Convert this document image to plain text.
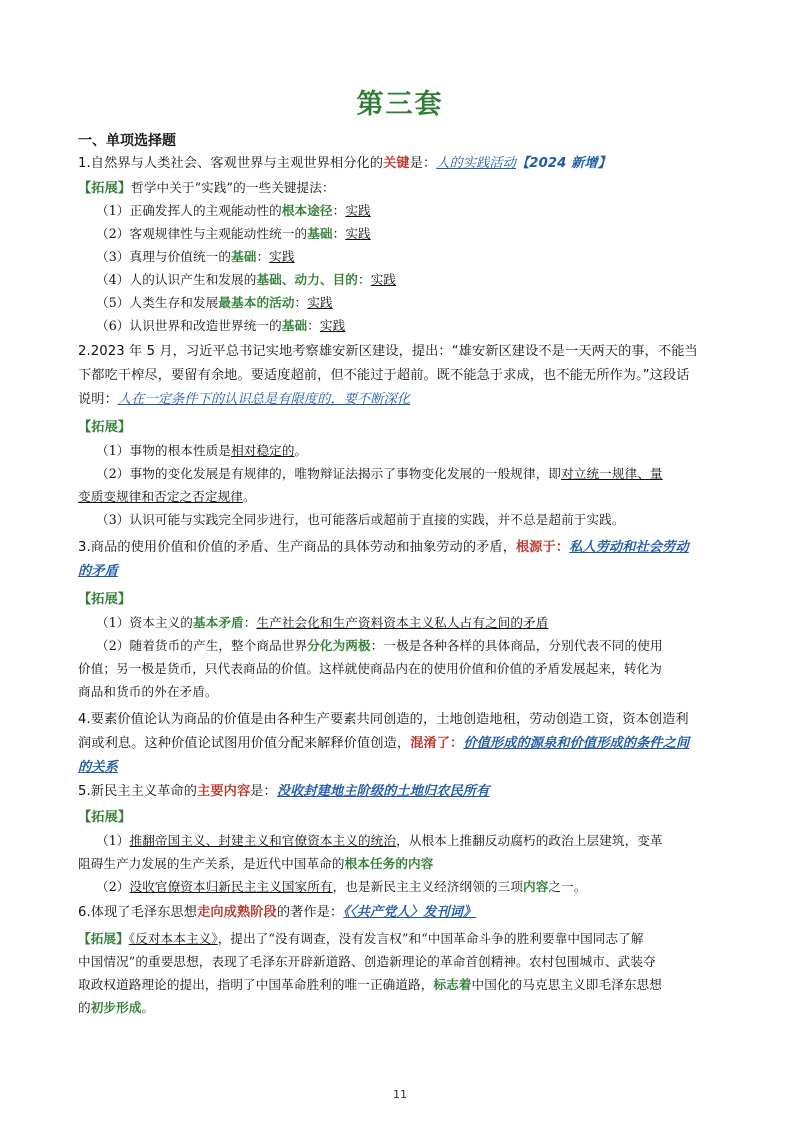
第三套
一、单项选择题
1.自然界与人类社会、客观世界与主观世界相分化的关键是：人的实践活动【2024 新增】
【拓展】哲学中关于“实践”的一些关键提法：
（1）正确发挥人的主观能动性的根本途径：实践
（2）客观规律性与主观能动性统一的基础：实践
（3）真理与价值统一的基础：实践
（4）人的认识产生和发展的基础、动力、目的：实践
（5）人类生存和发展最基本的活动：实践
（6）认识世界和改造世界统一的基础：实践
2.2023 年 5 月，习近平总书记实地考察雄安新区建设，提出：“雄安新区建设不是一天两天的事，不能当
下都吃干榨尽，要留有余地。要适度超前，但不能过于超前。既不能急于求成，也不能无所作为。”这段话
说明：人在一定条件下的认识总是有限度的，要不断深化
【拓展】
（1）事物的根本性质是相对稳定的。
（2）事物的变化发展是有规律的，唯物辩证法揭示了事物变化发展的一般规律，即对立统一规律、量
变质变规律和否定之否定规律。
（3）认识可能与实践完全同步进行，也可能落后或超前于直接的实践，并不总是超前于实践。
3.商品的使用价值和价值的矛盾、生产商品的具体劳动和抽象劳动的矛盾，根源于：私人劳动和社会劳动
的矛盾
【拓展】
（1）资本主义的基本矛盾：生产社会化和生产资料资本主义私人占有之间的矛盾
（2）随着货币的产生，整个商品世界分化为两极：一极是各种各样的具体商品，分别代表不同的使用
价值；另一极是货币，只代表商品的价值。这样就使商品内在的使用价值和价值的矛盾发展起来，转化为
商品和货币的外在矛盾。
4.要素价值论认为商品的价值是由各种生产要素共同创造的，土地创造地租，劳动创造工资，资本创造利
润或利息。这种价值论试图用价值分配来解释价值创造，混淆了：价值形成的源泉和价值形成的条件之间
的关系
5.新民主主义革命的主要内容是：没收封建地主阶级的土地归农民所有
【拓展】
（1）推翻帝国主义、封建主义和官僚资本主义的统治，从根本上推翻反动腐朽的政治上层建筑，变革
阻碍生产力发展的生产关系，是近代中国革命的根本任务的内容
（2）没收官僚资本归新民主主义国家所有，也是新民主主义经济纲领的三项内容之一。
6.体现了毛泽东思想走向成熟阶段的著作是：《〈共产党人〉发刊词》
【拓展】《反对本本主义》，提出了“没有调查，没有发言权”和“中国革命斗争的胜利要靠中国同志了解
中国情况”的重要思想，表现了毛泽东开辟新道路、创造新理论的革命首创精神。农村包围城市、武装夺
取政权道路理论的提出，指明了中国革命胜利的唯一正确道路，标志着中国化的马克思主义即毛泽东思想
的初步形成。
11
